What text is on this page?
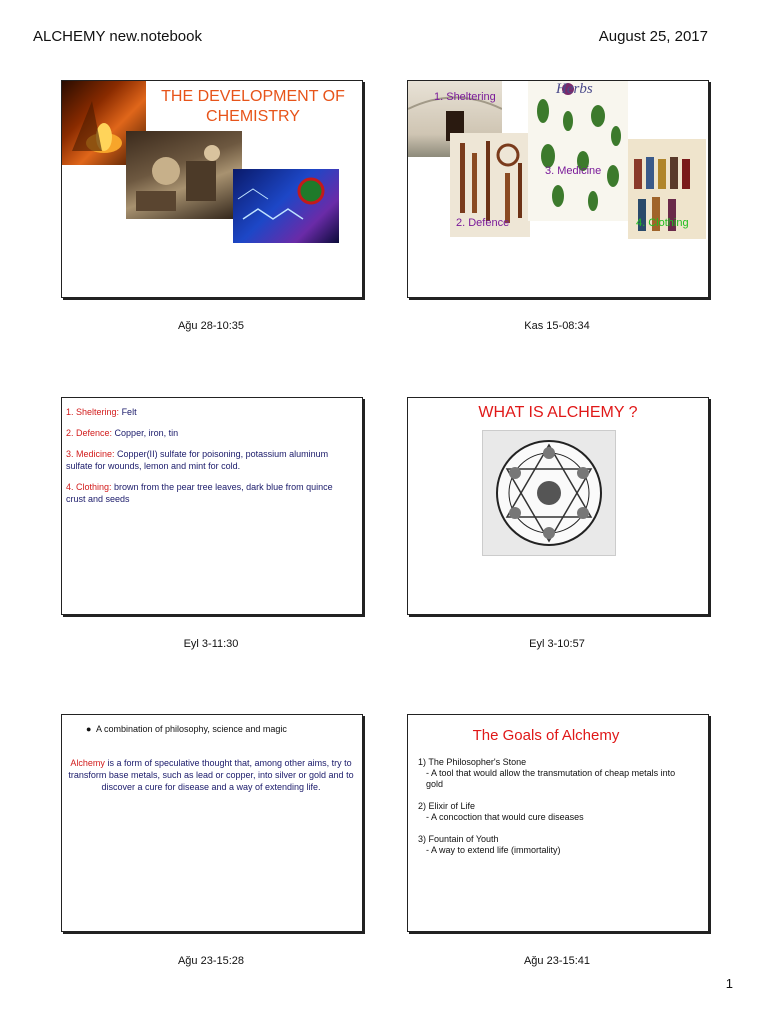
ALCHEMY new.notebook	August 25, 2017
THE DEVELOPMENT OF CHEMISTRY
Ağu 28-10:35
1. Sheltering	Herbs
3. Medicine
2. Defence	4. Clothing
Kas 15-08:34
1. Sheltering: Felt
2. Defence: Copper, iron, tin
3. Medicine: Copper(II) sulfate for poisoning, potassium aluminum sulfate for wounds, lemon and mint for cold.
4. Clothing: brown from the pear tree leaves, dark blue from quince crust and seeds
Eyl 3-11:30
WHAT IS ALCHEMY ?
Eyl 3-10:57
● A combination of philosophy, science and magic
Alchemy is a form of speculative thought that, among other aims, try to transform base metals, such as lead or copper, into silver or gold and to discover a cure for disease and a way of extending life.
Ağu 23-15:28
The Goals of Alchemy
1) The Philosopher's Stone
- A tool that would allow the transmutation of cheap metals into gold
2) Elixir of Life
- A concoction that would cure diseases
3) Fountain of Youth
- A way to extend life (immortality)
Ağu 23-15:41
1
